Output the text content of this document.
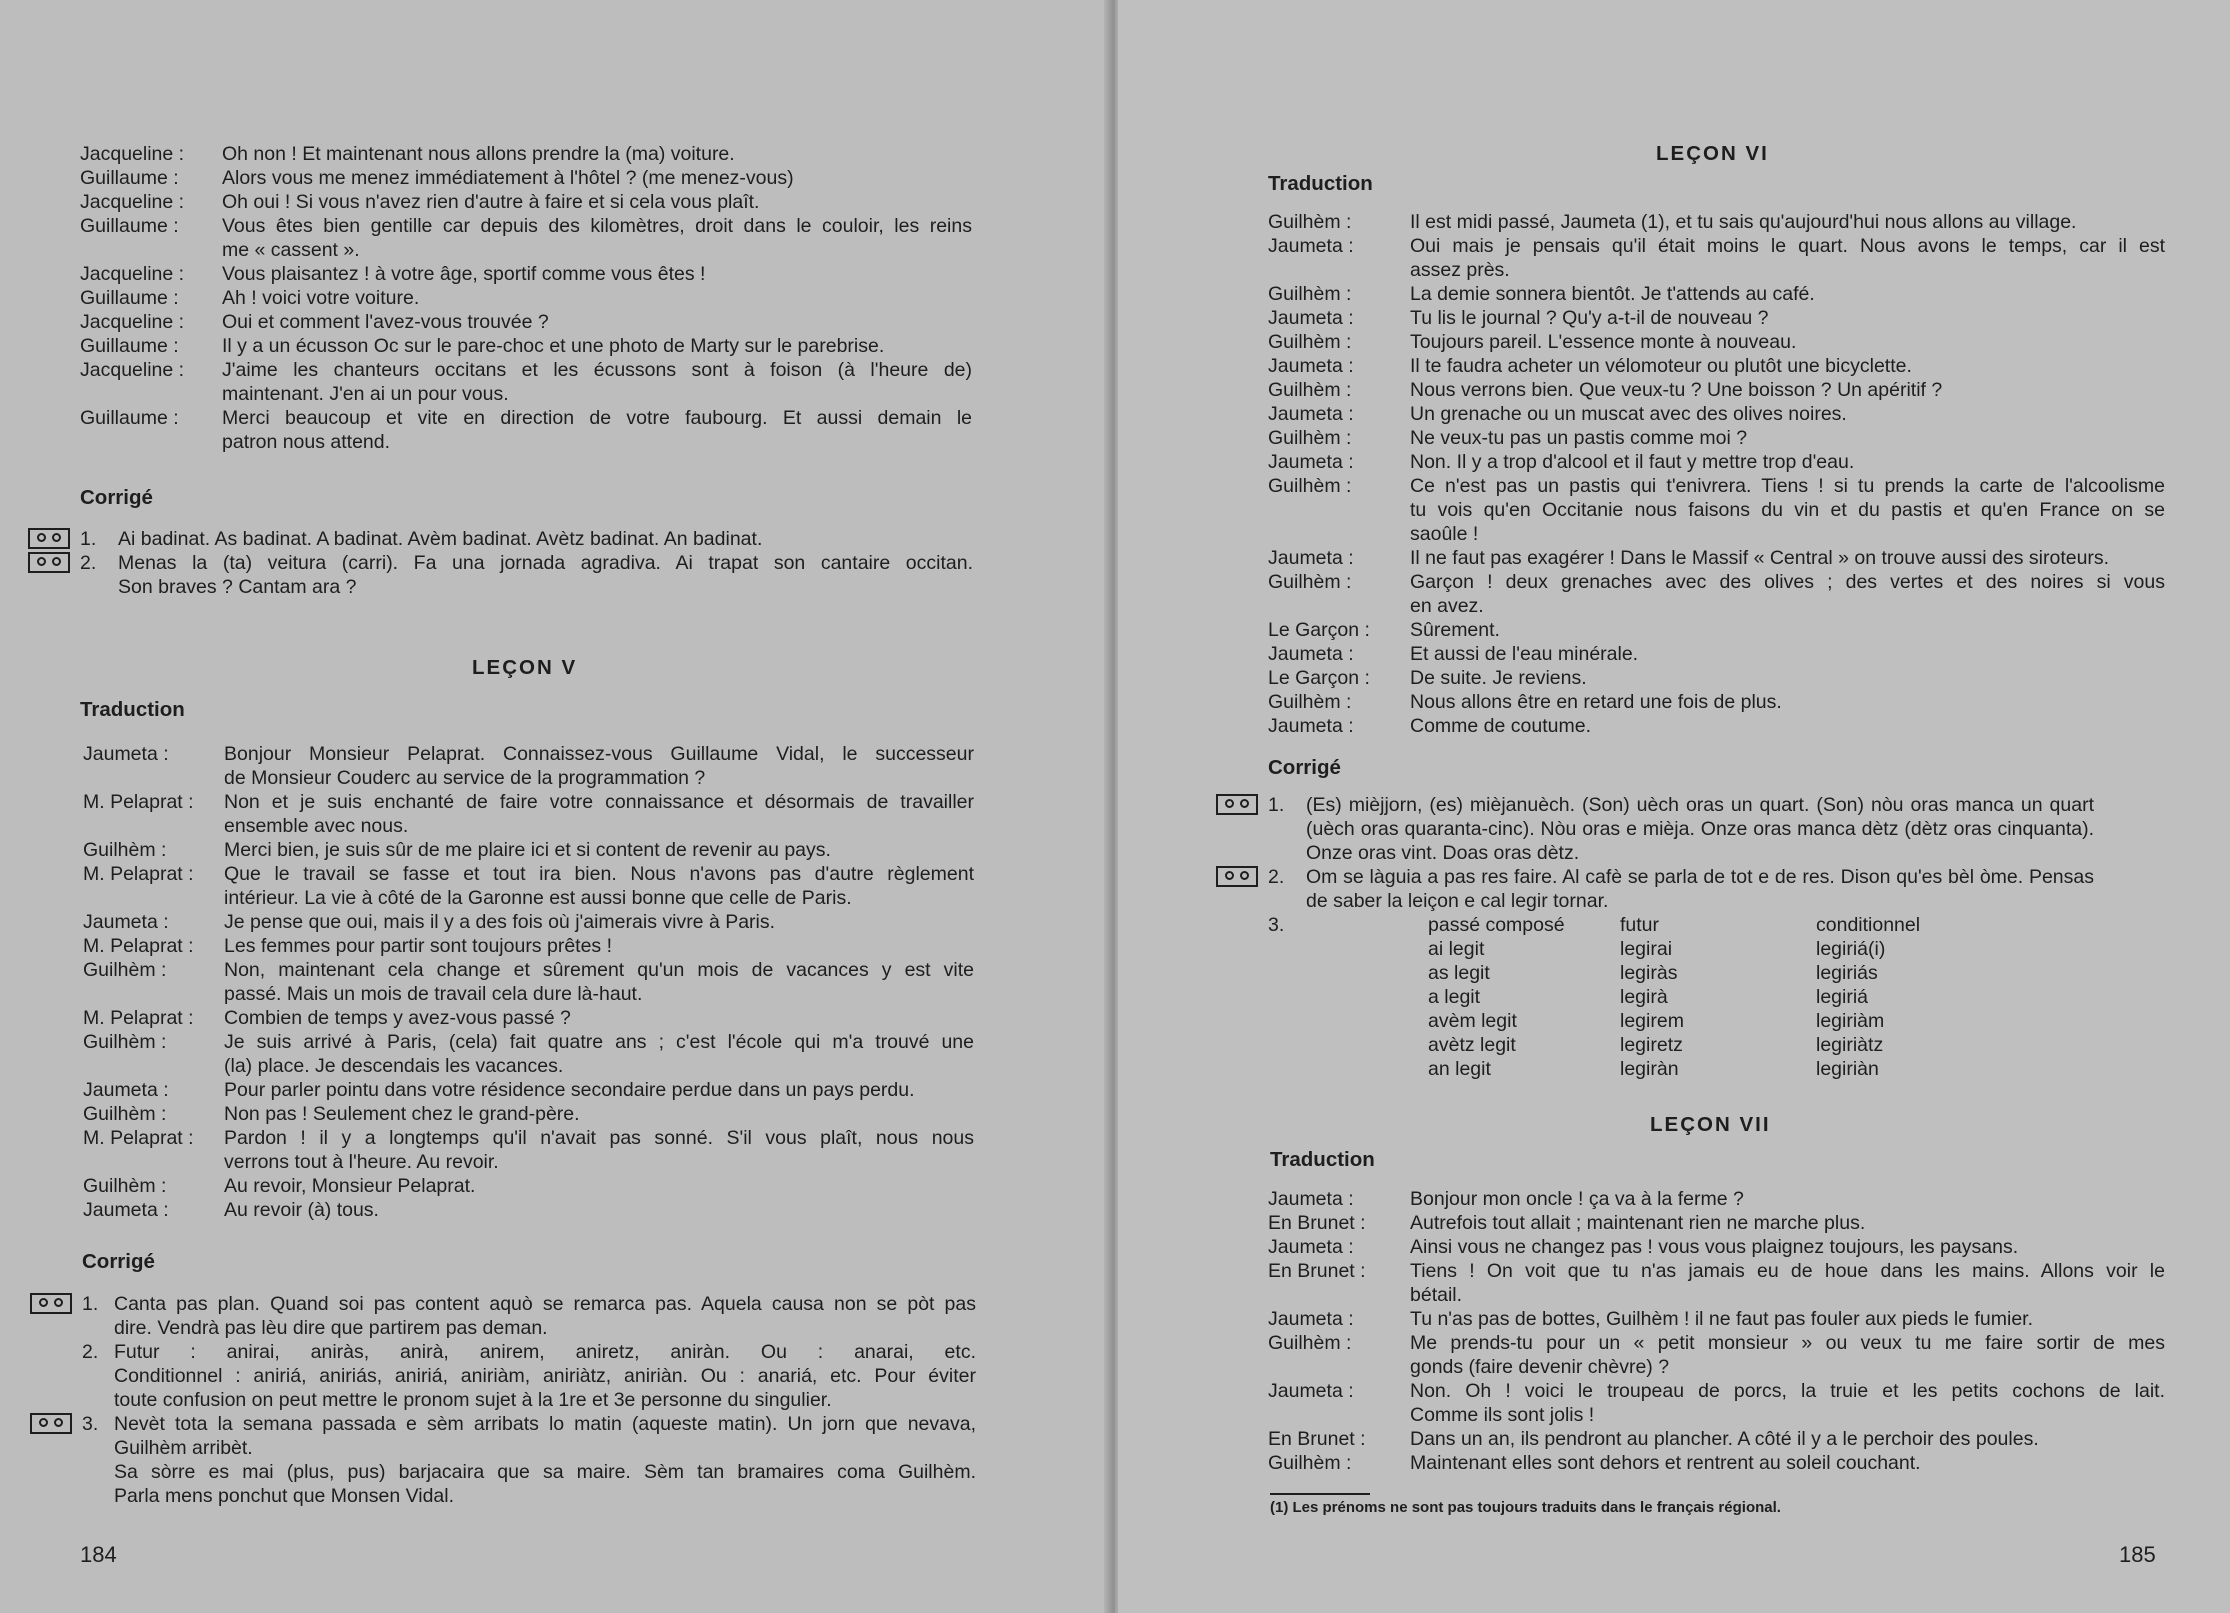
Jacqueline : Oh non ! Et maintenant nous allons prendre la (ma) voiture.
Guillaume : Alors vous me menez immédiatement à l'hôtel ? (me menez-vous)
Jacqueline : Oh oui ! Si vous n'avez rien d'autre à faire et si cela vous plaît.
Guillaume : Vous êtes bien gentille car depuis des kilomètres, droit dans le couloir, les reins
me « cassent ».
Jacqueline : Vous plaisantez ! à votre âge, sportif comme vous êtes !
Guillaume : Ah ! voici votre voiture.
Jacqueline : Oui et comment l'avez-vous trouvée ?
Guillaume : Il y a un écusson Oc sur le pare-choc et une photo de Marty sur le parebrise.
Jacqueline : J'aime les chanteurs occitans et les écussons sont à foison (à l'heure de)
maintenant. J'en ai un pour vous.
Guillaume : Merci beaucoup et vite en direction de votre faubourg. Et aussi demain le
patron nous attend.
Corrigé
1. Ai badinat. As badinat. A badinat. Avèm badinat. Avètz badinat. An badinat.
2. Menas la (ta) veitura (carri). Fa una jornada agradiva. Ai trapat son cantaire occitan.
Son braves ? Cantam ara ?
LEÇON V
Traduction
Jaumeta :	Bonjour Monsieur Pelaprat. Connaissez-vous Guillaume Vidal, le successeur
de Monsieur Couderc au service de la programmation ?
M. Pelaprat : Non et je suis enchanté de faire votre connaissance et désormais de travailler
ensemble avec nous.
Guilhèm :	Merci bien, je suis sûr de me plaire ici et si content de revenir au pays.
M. Pelaprat : Que le travail se fasse et tout ira bien. Nous n'avons pas d'autre règlement
intérieur. La vie à côté de la Garonne est aussi bonne que celle de Paris.
Jaumeta :	Je pense que oui, mais il y a des fois où j'aimerais vivre à Paris.
M. Pelaprat : Les femmes pour partir sont toujours prêtes !
Guilhèm :	Non, maintenant cela change et sûrement qu'un mois de vacances y est vite
passé. Mais un mois de travail cela dure là-haut.
M. Pelaprat : Combien de temps y avez-vous passé ?
Guilhèm :	Je suis arrivé à Paris, (cela) fait quatre ans ; c'est l'école qui m'a trouvé une
(la) place. Je descendais les vacances.
Jaumeta :	Pour parler pointu dans votre résidence secondaire perdue dans un pays perdu.
Guilhèm :	Non pas ! Seulement chez le grand-père.
M. Pelaprat : Pardon ! il y a longtemps qu'il n'avait pas sonné. S'il vous plaît, nous nous
verrons tout à l'heure. Au revoir.
Guilhèm :	Au revoir, Monsieur Pelaprat.
Jaumeta :	Au revoir (à) tous.
Corrigé
1. Canta pas plan. Quand soi pas content aquò se remarca pas. Aquela causa non se pòt pas
dire. Vendrà pas lèu dire que partirem pas deman.
2. Futur : anirai, aniràs, anirà, anirem, aniretz, aniràn. Ou : anarai, etc.
Conditionnel : aniriá, aniriás, aniriá, aniriàm, aniriàtz, aniriàn. Ou : anariá, etc. Pour éviter
toute confusion on peut mettre le pronom sujet à la 1re et 3e personne du singulier.
3. Nevèt tota la semana passada e sèm arribats lo matin (aqueste matin). Un jorn que nevava,
Guilhèm arribèt.
Sa sòrre es mai (plus, pus) barjacaira que sa maire. Sèm tan bramaires coma Guilhèm.
Parla mens ponchut que Monsen Vidal.
184
LEÇON VI
Traduction
Guilhèm :	Il est midi passé, Jaumeta (1), et tu sais qu'aujourd'hui nous allons au village.
Jaumeta :	Oui mais je pensais qu'il était moins le quart. Nous avons le temps, car il est
assez près.
Guilhèm :	La demie sonnera bientôt. Je t'attends au café.
Jaumeta :	Tu lis le journal ? Qu'y a-t-il de nouveau ?
Guilhèm :	Toujours pareil. L'essence monte à nouveau.
Jaumeta :	Il te faudra acheter un vélomoteur ou plutôt une bicyclette.
Guilhèm :	Nous verrons bien. Que veux-tu ? Une boisson ? Un apéritif ?
Jaumeta :	Un grenache ou un muscat avec des olives noires.
Guilhèm :	Ne veux-tu pas un pastis comme moi ?
Jaumeta :	Non. Il y a trop d'alcool et il faut y mettre trop d'eau.
Guilhèm :	Ce n'est pas un pastis qui t'enivrera. Tiens ! si tu prends la carte de l'alcoolisme
tu vois qu'en Occitanie nous faisons du vin et du pastis et qu'en France on se
saoûle !
Jaumeta :	Il ne faut pas exagérer ! Dans le Massif « Central » on trouve aussi des siroteurs.
Guilhèm :	Garçon ! deux grenaches avec des olives ; des vertes et des noires si vous
en avez.
Le Garçon : Sûrement.
Jaumeta :	Et aussi de l'eau minérale.
Le Garçon : De suite. Je reviens.
Guilhèm :	Nous allons être en retard une fois de plus.
Jaumeta :	Comme de coutume.
Corrigé
1. (Es) mièjjorn, (es) mièjanuèch. (Son) uèch oras un quart. (Son) nòu oras manca un quart
(uèch oras quaranta-cinc). Nòu oras e mièja. Onze oras manca dètz (dètz oras cinquanta).
Onze oras vint. Doas oras dètz.
2. Om se làguia a pas res faire. Al cafè se parla de tot e de res. Dison qu'es bèl òme. Pensas
de saber la leiçon e cal legir tornar.
3.	passé composé	futur	conditionnel
ai legit	legirai	legiriá(i)
as legit	legiràs	legiriás
a legit	legirà	legiriá
avèm legit	legirem	legiriàm
avètz legit	legiretz	legiriàtz
an legit	legiràn	legiriàn
LEÇON VII
Traduction
Jaumeta :	Bonjour mon oncle ! ça va à la ferme ?
En Brunet : Autrefois tout allait ; maintenant rien ne marche plus.
Jaumeta :	Ainsi vous ne changez pas ! vous vous plaignez toujours, les paysans.
En Brunet : Tiens ! On voit que tu n'as jamais eu de houe dans les mains. Allons voir le
bétail.
Jaumeta :	Tu n'as pas de bottes, Guilhèm ! il ne faut pas fouler aux pieds le fumier.
Guilhèm :	Me prends-tu pour un « petit monsieur » ou veux tu me faire sortir de mes
gonds (faire devenir chèvre) ?
Jaumeta :	Non. Oh ! voici le troupeau de porcs, la truie et les petits cochons de lait.
Comme ils sont jolis !
En Brunet : Dans un an, ils pendront au plancher. A côté il y a le perchoir des poules.
Guilhèm :	Maintenant elles sont dehors et rentrent au soleil couchant.
(1) Les prénoms ne sont pas toujours traduits dans le français régional.
185
